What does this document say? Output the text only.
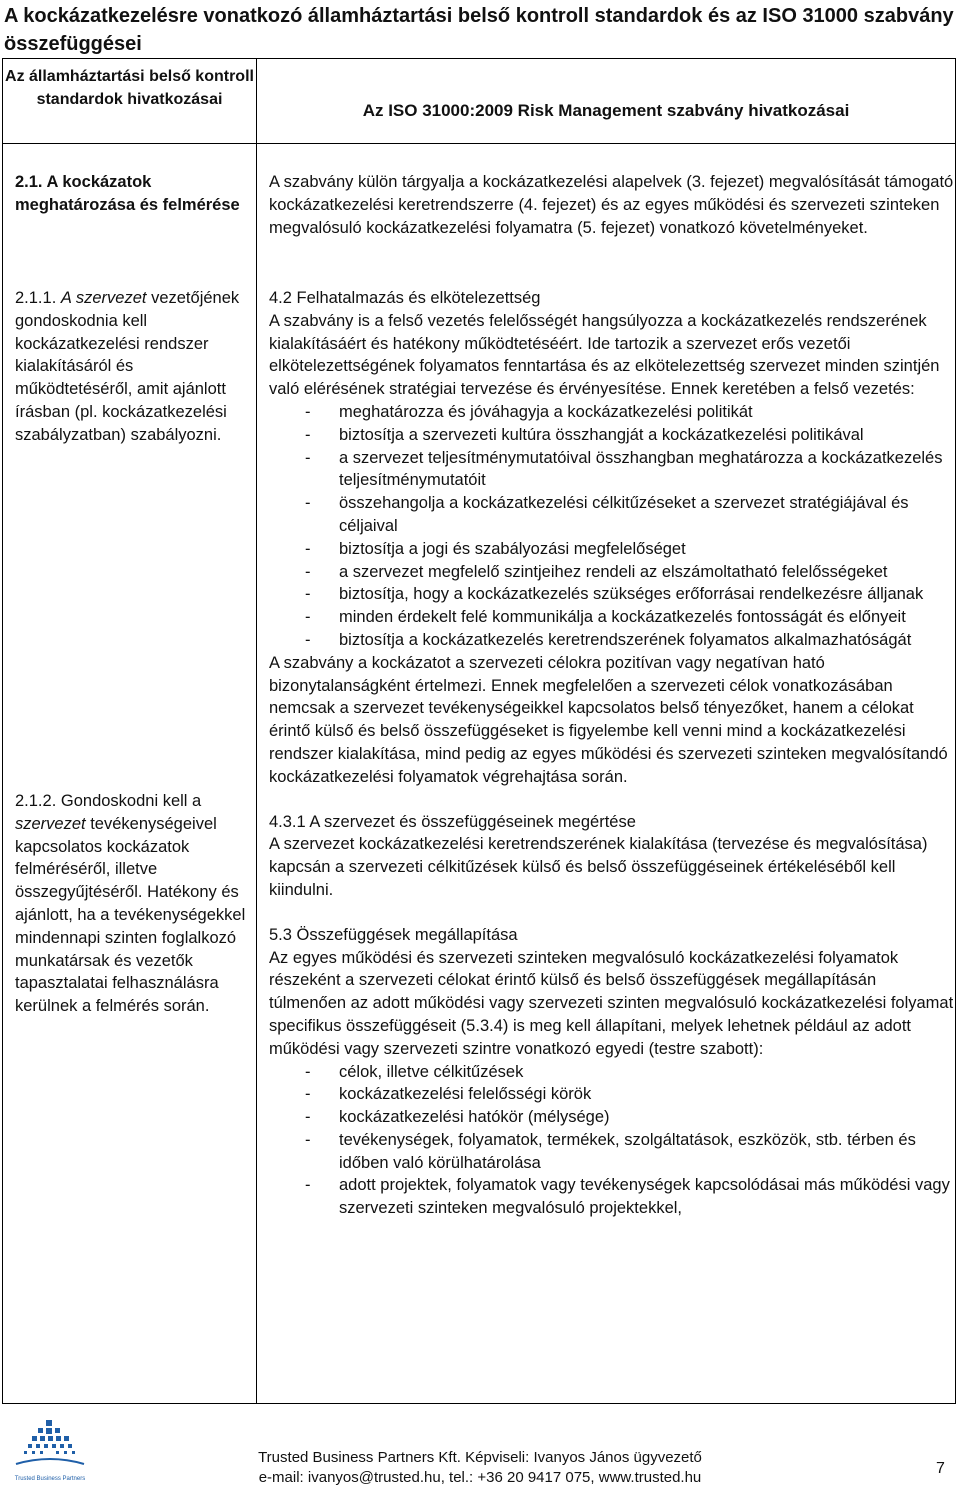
A kockázatkezelésre vonatkozó államháztartási belső kontroll standardok és az ISO 31000 szabvány összefüggései
Az államháztartási belső kontroll standardok hivatkozásai
Az ISO 31000:2009 Risk Management szabvány hivatkozásai
2.1. A kockázatok meghatározása és felmérése
2.1.1. A szervezet vezetőjének gondoskodnia kell kockázatkezelési rendszer kialakításáról és működtetéséről, amit ajánlott írásban (pl. kockázatkezelési szabályzatban) szabályozni.
2.1.2. Gondoskodni kell a szervezet tevékenységeivel kapcsolatos kockázatok felméréséről, illetve összegyűjtéséről. Hatékony és ajánlott, ha a tevékenységekkel mindennapi szinten foglalkozó munkatársak és vezetők tapasztalatai felhasználásra kerülnek a felmérés során.

A szabvány külön tárgyalja a kockázatkezelési alapelvek (3. fejezet) megvalósítását támogató kockázatkezelési keretrendszerre (4. fejezet) és az egyes működési és szervezeti szinteken megvalósuló kockázatkezelési folyamatra (5. fejezet) vonatkozó követelményeket.

4.2 Felhatalmazás és elkötelezettség

A szabvány is a felső vezetés felelősségét hangsúlyozza a kockázatkezelés rendszerének kialakításáért és hatékony működtetéséért. Ide tartozik a szervezet erős vezetői elkötelezettségének folyamatos fenntartása és az elkötelezettség szervezet minden szintjén való elérésének stratégiai tervezése és érvényesítése. Ennek keretében a felső vezetés:

- meghatározza és jóváhagyja a kockázatkezelési politikát
- biztosítja a szervezeti kultúra összhangját a kockázatkezelési politikával
- a szervezet teljesítménymutatóival összhangban meghatározza a kockázatkezelés teljesítménymutatóit
- összehangolja a kockázatkezelési célkitűzéseket a szervezet stratégiájával és céljaival
- biztosítja a jogi és szabályozási megfelelőséget
- a szervezet megfelelő szintjeihez rendeli az elszámoltatható felelősségeket
- biztosítja, hogy a kockázatkezelés szükséges erőforrásai rendelkezésre álljanak
- minden érdekelt felé kommunikálja a kockázatkezelés fontosságát és előnyeit
- biztosítja a kockázatkezelés keretrendszerének folyamatos alkalmazhatóságát

A szabvány a kockázatot a szervezeti célokra pozitívan vagy negatívan ható bizonytalanságként értelmezi. Ennek megfelelően a szervezeti célok vonatkozásában nemcsak a szervezet tevékenységeikkel kapcsolatos belső tényezőket, hanem a célokat érintő külső és belső összefüggéseket is figyelembe kell venni mind a kockázatkezelési rendszer kialakítása, mind pedig az egyes működési és szervezeti szinteken megvalósítandó kockázatkezelési folyamatok végrehajtása során.

4.3.1 A szervezet és összefüggéseinek megértése

A szervezet kockázatkezelési keretrendszerének kialakítása (tervezése és megvalósítása) kapcsán a szervezeti célkitűzések külső és belső összefüggéseinek értékeléséből kell kiindulni.

5.3 Összefüggések megállapítása

Az egyes működési és szervezeti szinteken megvalósuló kockázatkezelési folyamatok részeként a szervezeti célokat érintő külső és belső összefüggések megállapításán túlmenően az adott működési vagy szervezeti szinten megvalósuló kockázatkezelési folyamat specifikus összefüggéseit (5.3.4) is meg kell állapítani, melyek lehetnek például az adott működési vagy szervezeti szintre vonatkozó egyedi (testre szabott):

- célok, illetve célkitűzések
- kockázatkezelési felelősségi körök
- kockázatkezelési hatókör (mélysége)
- tevékenységek, folyamatok, termékek, szolgáltatások, eszközök, stb. térben és időben való körülhatárolása
- adott projektek, folyamatok vagy tevékenységek kapcsolódásai más működési vagy szervezeti szinteken megvalósuló projektekkel,
Trusted Business Partners
Trusted Business Partners Kft. Képviseli: Ivanyos János ügyvezető
e-mail: ivanyos@trusted.hu, tel.: +36 20 9417 075, www.trusted.hu
7
